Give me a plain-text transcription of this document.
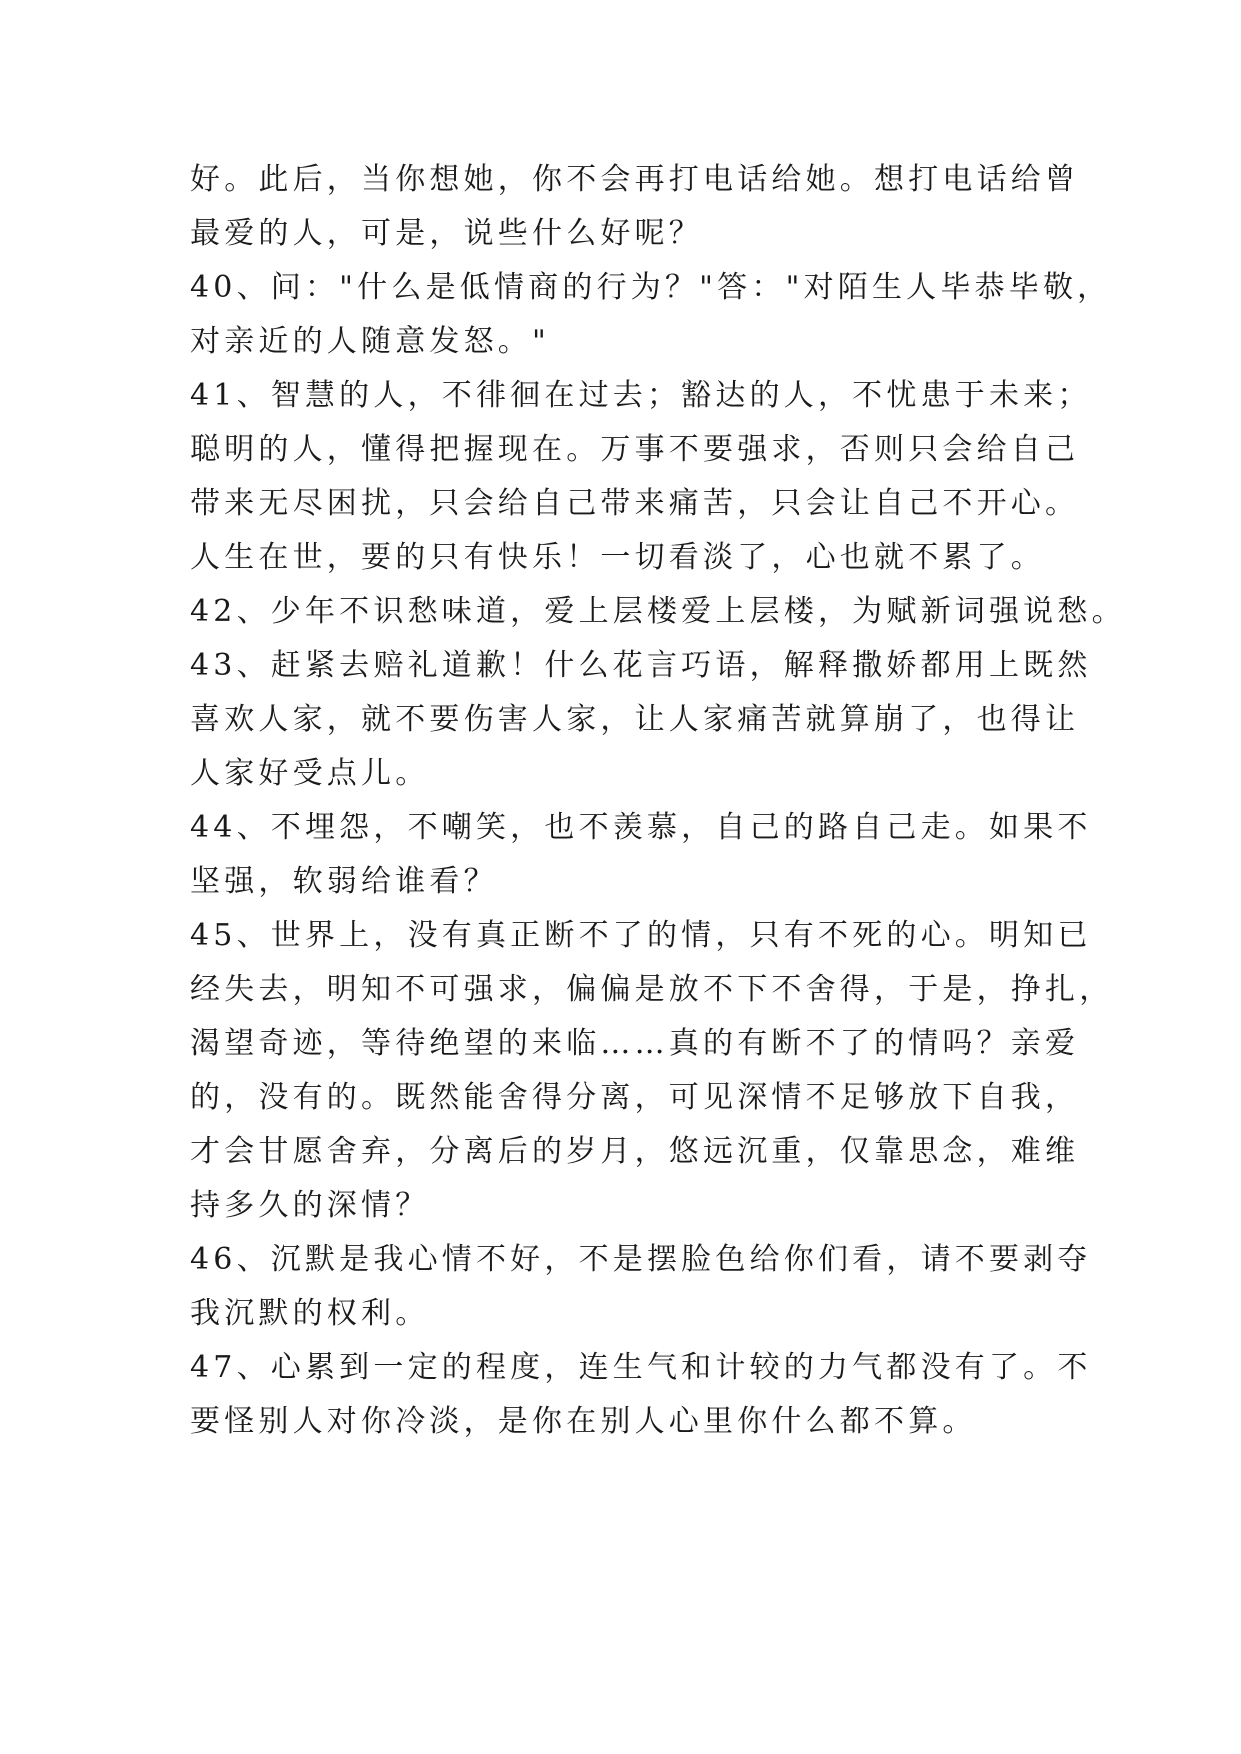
好。此后，当你想她，你不会再打电话给她。想打电话给曾
最爱的人，可是，说些什么好呢？
40、问："什么是低情商的行为？"答："对陌生人毕恭毕敬，
对亲近的人随意发怒。"
41、智慧的人，不徘徊在过去；豁达的人，不忧患于未来；
聪明的人，懂得把握现在。万事不要强求，否则只会给自己
带来无尽困扰，只会给自己带来痛苦，只会让自己不开心。
人生在世，要的只有快乐！一切看淡了，心也就不累了。
42、少年不识愁味道，爱上层楼爱上层楼，为赋新词强说愁。
43、赶紧去赔礼道歉！什么花言巧语，解释撒娇都用上既然
喜欢人家，就不要伤害人家，让人家痛苦就算崩了，也得让
人家好受点儿。
44、不埋怨，不嘲笑，也不羡慕，自己的路自己走。如果不
坚强，软弱给谁看？
45、世界上，没有真正断不了的情，只有不死的心。明知已
经失去，明知不可强求，偏偏是放不下不舍得，于是，挣扎，
渴望奇迹，等待绝望的来临……真的有断不了的情吗？亲爱
的，没有的。既然能舍得分离，可见深情不足够放下自我，
才会甘愿舍弃，分离后的岁月，悠远沉重，仅靠思念，难维
持多久的深情？
46、沉默是我心情不好，不是摆脸色给你们看，请不要剥夺
我沉默的权利。
47、心累到一定的程度，连生气和计较的力气都没有了。不
要怪别人对你冷淡，是你在别人心里你什么都不算。
